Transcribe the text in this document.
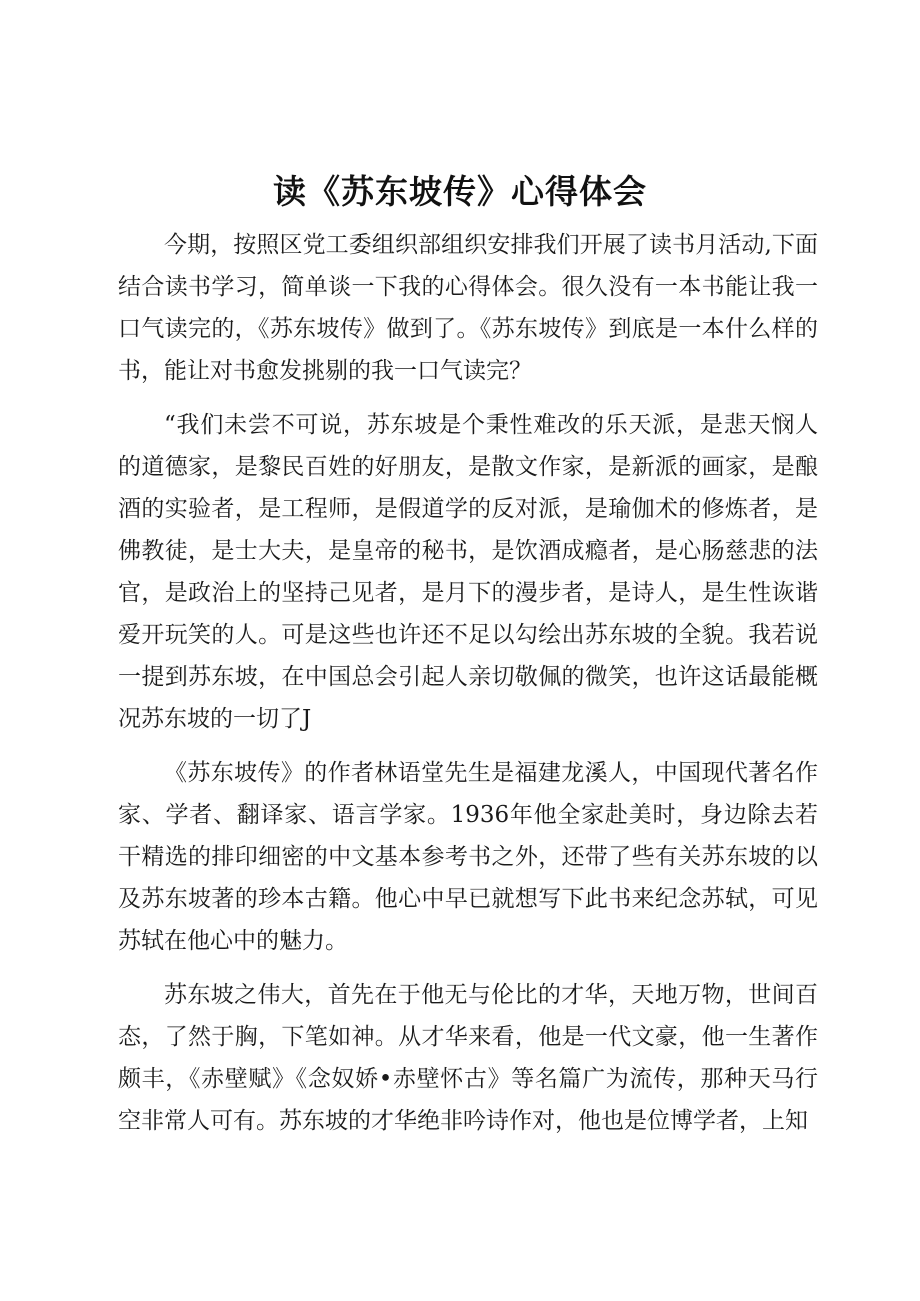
读《苏东坡传》心得体会

今期，按照区党工委组织部组织安排我们开展了读书月活动,下面结合读书学习，简单谈一下我的心得体会。很久没有一本书能让我一口气读完的，《苏东坡传》做到了。《苏东坡传》到底是一本什么样的书，能让对书愈发挑剔的我一口气读完？

“我们未尝不可说，苏东坡是个秉性难改的乐天派，是悲天悯人的道德家，是黎民百姓的好朋友，是散文作家，是新派的画家，是酿酒的实验者，是工程师，是假道学的反对派，是瑜伽术的修炼者，是佛教徒，是士大夫，是皇帝的秘书，是饮酒成瘾者，是心肠慈悲的法官，是政治上的坚持己见者，是月下的漫步者，是诗人，是生性诙谐爱开玩笑的人。可是这些也许还不足以勾绘出苏东坡的全貌。我若说一提到苏东坡，在中国总会引起人亲切敬佩的微笑，也许这话最能概况苏东坡的一切了J

《苏东坡传》的作者林语堂先生是福建龙溪人，中国现代著名作家、学者、翻译家、语言学家。1936年他全家赴美时，身边除去若干精选的排印细密的中文基本参考书之外，还带了些有关苏东坡的以及苏东坡著的珍本古籍。他心中早已就想写下此书来纪念苏轼，可见苏轼在他心中的魅力。

苏东坡之伟大，首先在于他无与伦比的才华，天地万物，世间百态，了然于胸，下笔如神。从才华来看，他是一代文豪，他一生著作颇丰，《赤壁赋》《念奴娇•赤壁怀古》等名篇广为流传，那种天马行空非常人可有。苏东坡的才华绝非吟诗作对，他也是位博学者，上知
